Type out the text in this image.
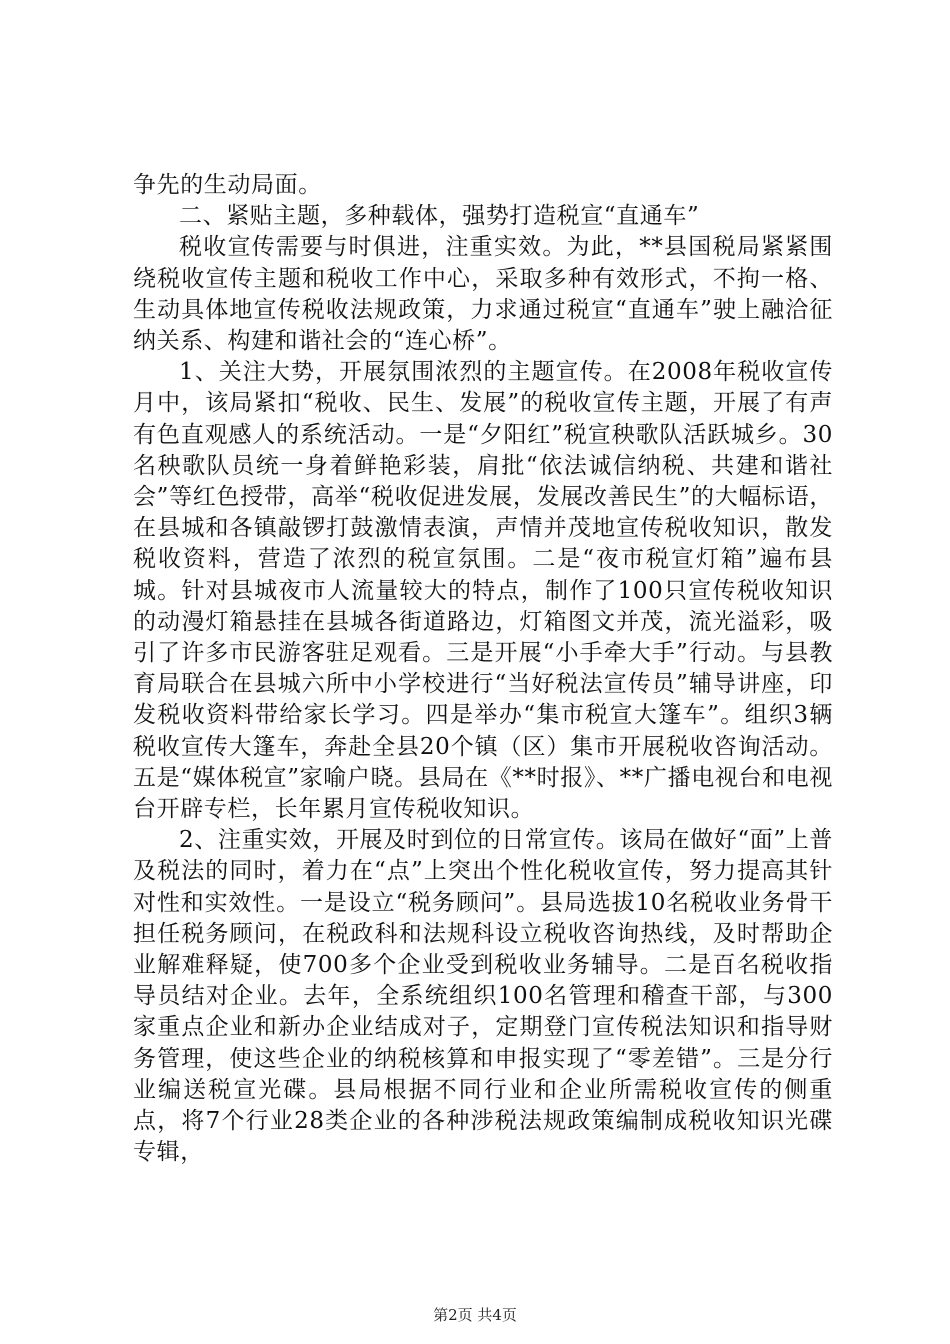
争先的生动局面。

二、紧贴主题，多种载体，强势打造税宣“直通车”

税收宣传需要与时俱进，注重实效。为此，**县国税局紧紧围绕税收宣传主题和税收工作中心，采取多种有效形式，不拘一格、生动具体地宣传税收法规政策，力求通过税宣“直通车”驶上融洽征纳关系、构建和谐社会的“连心桥”。

1、关注大势，开展氛围浓烈的主题宣传。在2008年税收宣传月中，该局紧扣“税收、民生、发展”的税收宣传主题，开展了有声有色直观感人的系统活动。一是“夕阳红”税宣秧歌队活跃城乡。30名秧歌队员统一身着鲜艳彩装，肩批“依法诚信纳税、共建和谐社会”等红色授带，高举“税收促进发展，发展改善民生”的大幅标语，在县城和各镇敲锣打鼓激情表演，声情并茂地宣传税收知识，散发税收资料，营造了浓烈的税宣氛围。二是“夜市税宣灯箱”遍布县城。针对县城夜市人流量较大的特点，制作了100只宣传税收知识的动漫灯箱悬挂在县城各街道路边，灯箱图文并茂，流光溢彩，吸引了许多市民游客驻足观看。三是开展“小手牵大手”行动。与县教育局联合在县城六所中小学校进行“当好税法宣传员”辅导讲座，印发税收资料带给家长学习。四是举办“集市税宣大篷车”。组织3辆税收宣传大篷车，奔赴全县20个镇（区）集市开展税收咨询活动。五是“媒体税宣”家喻户晓。县局在《**时报》、**广播电视台和电视台开辟专栏，长年累月宣传税收知识。

2、注重实效，开展及时到位的日常宣传。该局在做好“面”上普及税法的同时，着力在“点”上突出个性化税收宣传，努力提高其针对性和实效性。一是设立“税务顾问”。县局选拔10名税收业务骨干担任税务顾问，在税政科和法规科设立税收咨询热线，及时帮助企业解难释疑，使700多个企业受到税收业务辅导。二是百名税收指导员结对企业。去年，全系统组织100名管理和稽查干部，与300家重点企业和新办企业结成对子，定期登门宣传税法知识和指导财务管理，使这些企业的纳税核算和申报实现了“零差错”。三是分行业编送税宣光碟。县局根据不同行业和企业所需税收宣传的侧重点，将7个行业28类企业的各种涉税法规政策编制成税收知识光碟专辑，

第2页 共4页
